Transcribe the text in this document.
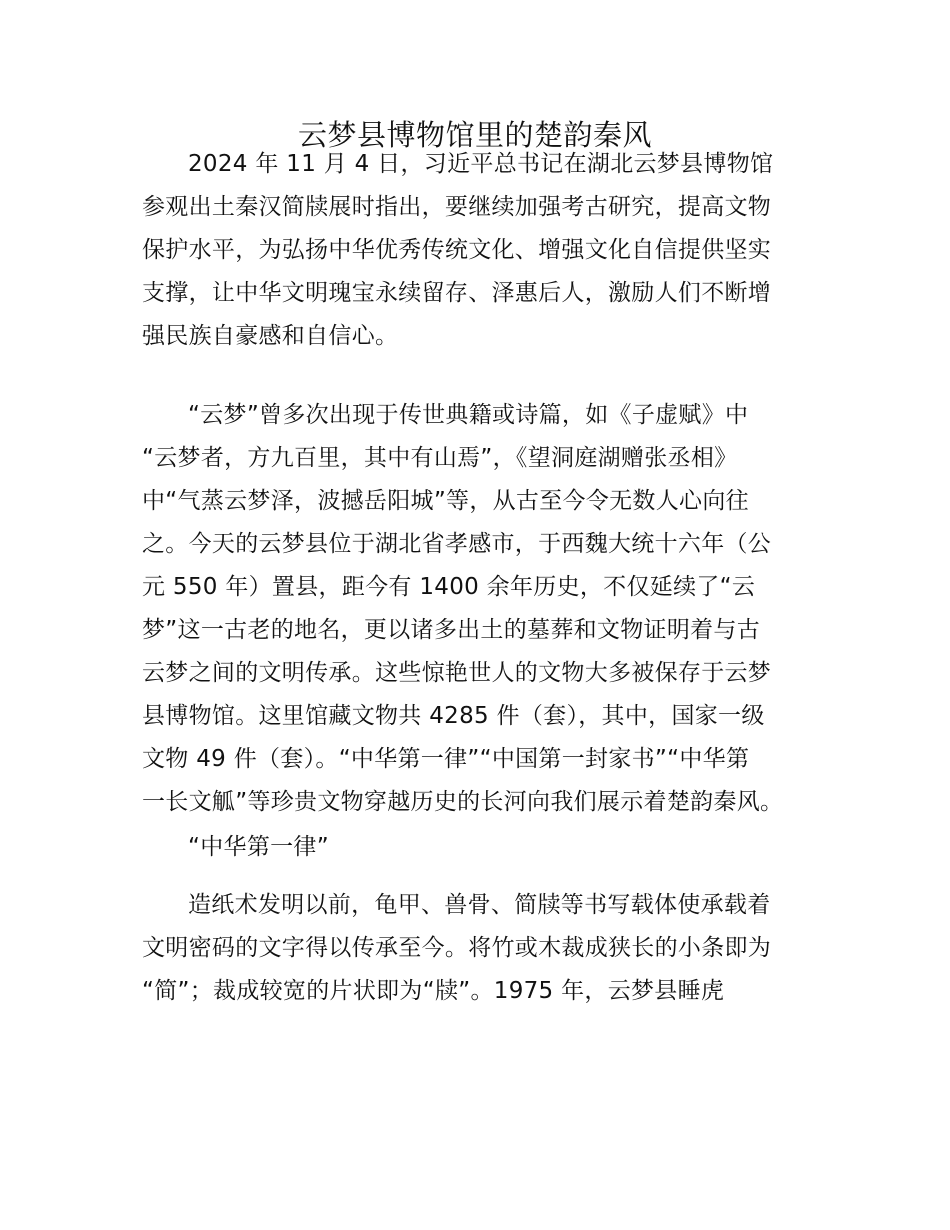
云梦县博物馆里的楚韵秦风
2024 年 11 月 4 日，习近平总书记在湖北云梦县博物馆
参观出土秦汉简牍展时指出，要继续加强考古研究，提高文物
保护水平，为弘扬中华优秀传统文化、增强文化自信提供坚实
支撑，让中华文明瑰宝永续留存、泽惠后人，激励人们不断增
强民族自豪感和自信心。
“云梦”曾多次出现于传世典籍或诗篇，如《子虚赋》中
“云梦者，方九百里，其中有山焉”，《望洞庭湖赠张丞相》
中“气蒸云梦泽，波撼岳阳城”等，从古至今令无数人心向往
之。今天的云梦县位于湖北省孝感市，于西魏大统十六年（公
元 550 年）置县，距今有 1400 余年历史，不仅延续了“云
梦”这一古老的地名，更以诸多出土的墓葬和文物证明着与古
云梦之间的文明传承。这些惊艳世人的文物大多被保存于云梦
县博物馆。这里馆藏文物共 4285 件（套），其中，国家一级
文物 49 件（套）。“中华第一律”“中国第一封家书”“中华第
一长文觚”等珍贵文物穿越历史的长河向我们展示着楚韵秦风。
“中华第一律”
造纸术发明以前，龟甲、兽骨、简牍等书写载体使承载着
文明密码的文字得以传承至今。将竹或木裁成狭长的小条即为
“简”；裁成较宽的片状即为“牍”。1975 年，云梦县睡虎
